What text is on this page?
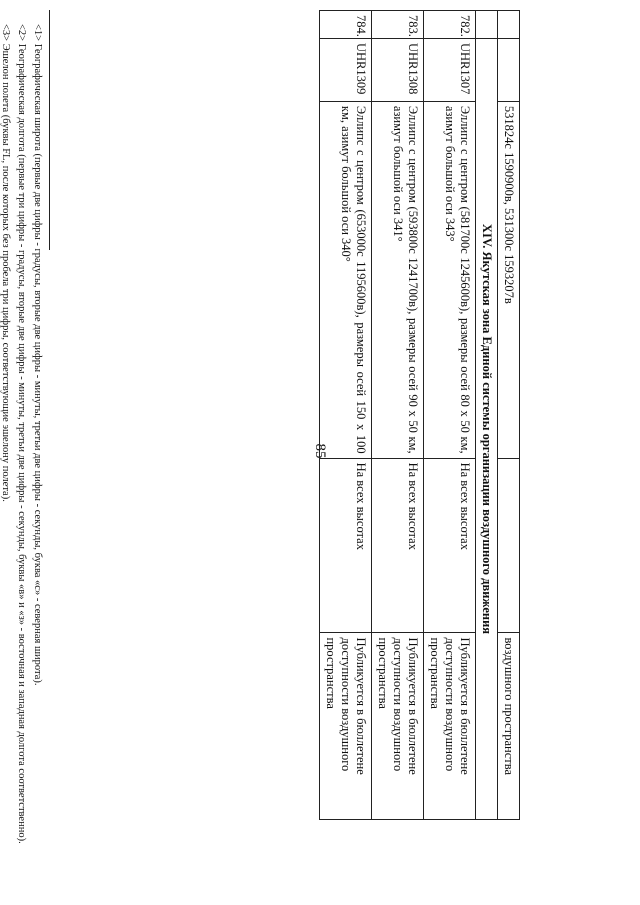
85
		531824с 1590900в, 531300с 1593207в		воздушного пространства
	XIV. Якутская зона Единой системы организации воздушного движения			
782.	UHR1307	Эллипс с центром (581700с 1245600в), размеры осей 80 x 50 км, азимут большой оси 343°	На всех высотах	Публикуется в бюллетене доступности воздушного пространства
783.	UHR1308	Эллипс с центром (593800с 1241700в), размеры осей 90 x 50 км, азимут большой оси 341°	На всех высотах	Публикуется в бюллетене доступности воздушного пространства
784.	UHR1309	Эллипс с центром (653000с 1195600в), размеры осей 150 x 100 км, азимут большой оси 340°	На всех высотах	Публикуется в бюллетене доступности воздушного пространства

<1> Географическая широта (первые две цифры - градусы, вторые две цифры - минуты, третьи две цифры - секунды, буква «с» - северная широта).

<2> Географическая долгота (первые три цифры - градусы, вторые две цифры - минуты, третьи две цифры - секунды, буквы «в» и «з» - восточная и западная долгота соответственно).

<3> Эшелон полета (буквы FL, после которых без пробела три цифры, соответствующие эшелону полета).
